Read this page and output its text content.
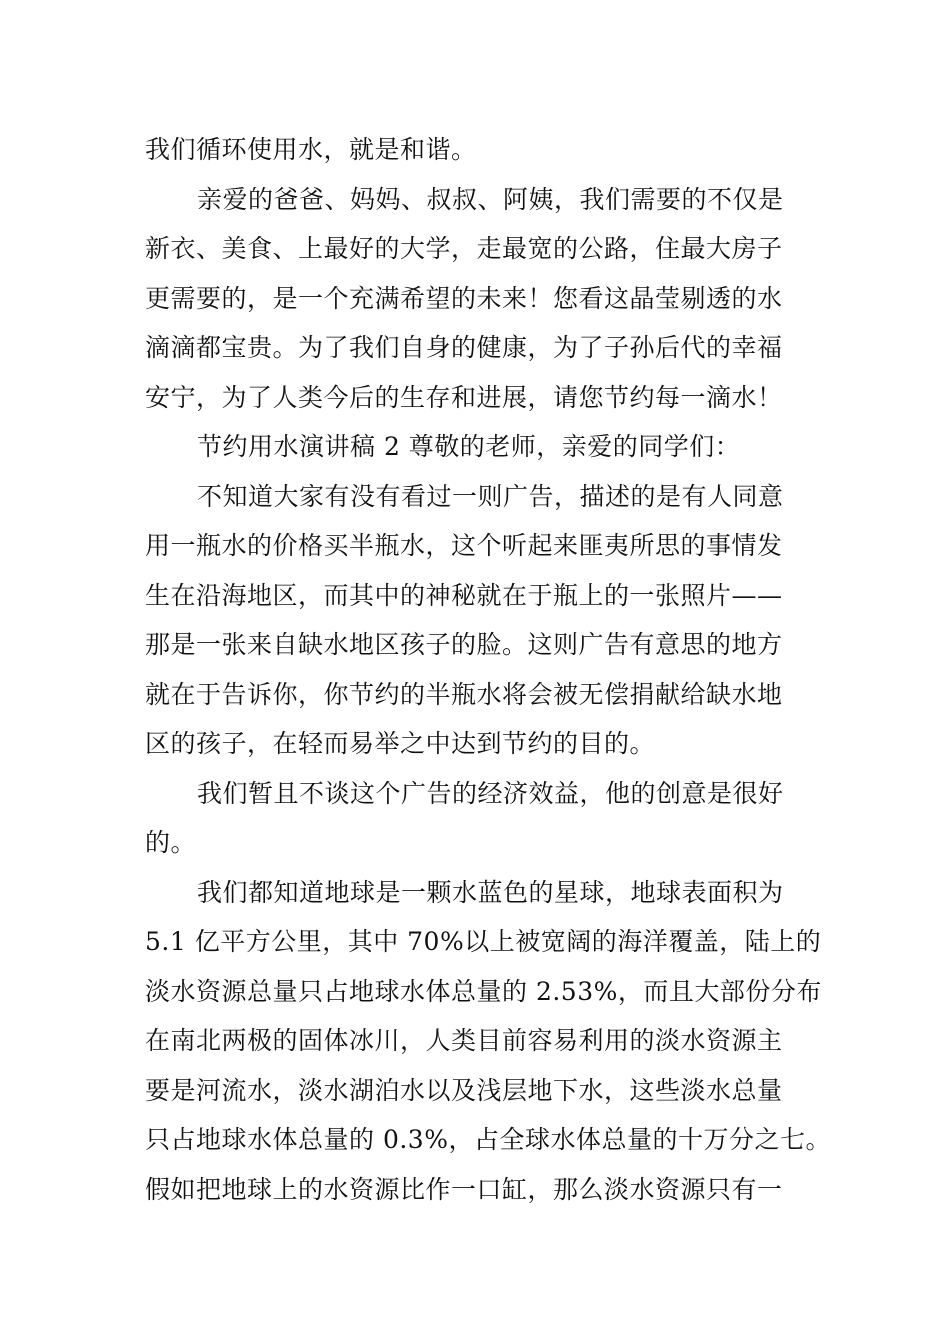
我们循环使用水，就是和谐。
亲爱的爸爸、妈妈、叔叔、阿姨，我们需要的不仅是
新衣、美食、上最好的大学，走最宽的公路，住最大房子
更需要的，是一个充满希望的未来！您看这晶莹剔透的水
滴滴都宝贵。为了我们自身的健康，为了子孙后代的幸福
安宁，为了人类今后的生存和进展，请您节约每一滴水！
节约用水演讲稿 2 尊敬的老师，亲爱的同学们：
不知道大家有没有看过一则广告，描述的是有人同意
用一瓶水的价格买半瓶水，这个听起来匪夷所思的事情发
生在沿海地区，而其中的神秘就在于瓶上的一张照片——
那是一张来自缺水地区孩子的脸。这则广告有意思的地方
就在于告诉你，你节约的半瓶水将会被无偿捐献给缺水地
区的孩子，在轻而易举之中达到节约的目的。
我们暂且不谈这个广告的经济效益，他的创意是很好
的。
我们都知道地球是一颗水蓝色的星球，地球表面积为
5.1 亿平方公里，其中 70%以上被宽阔的海洋覆盖，陆上的
淡水资源总量只占地球水体总量的 2.53%，而且大部份分布
在南北两极的固体冰川，人类目前容易利用的淡水资源主
要是河流水，淡水湖泊水以及浅层地下水，这些淡水总量
只占地球水体总量的 0.3%，占全球水体总量的十万分之七。
假如把地球上的水资源比作一口缸，那么淡水资源只有一
